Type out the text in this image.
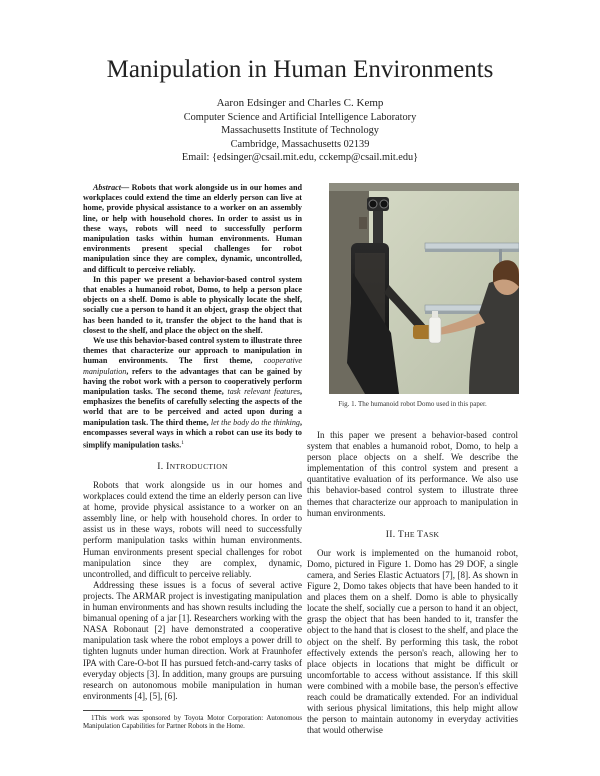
Manipulation in Human Environments
Aaron Edsinger and Charles C. Kemp
Computer Science and Artificial Intelligence Laboratory
Massachusetts Institute of Technology
Cambridge, Massachusetts 02139
Email: {edsinger@csail.mit.edu, cckemp@csail.mit.edu}

Abstract— Robots that work alongside us in our homes and workplaces could extend the time an elderly person can live at home, provide physical assistance to a worker on an assembly line, or help with household chores. In order to assist us in these ways, robots will need to successfully perform manipulation tasks within human environments. Human environments present special challenges for robot manipulation since they are complex, dynamic, uncontrolled, and difficult to perceive reliably.

In this paper we present a behavior-based control system that enables a humanoid robot, Domo, to help a person place objects on a shelf. Domo is able to physically locate the shelf, socially cue a person to hand it an object, grasp the object that has been handed to it, transfer the object to the hand that is closest to the shelf, and place the object on the shelf.

We use this behavior-based control system to illustrate three themes that characterize our approach to manipulation in human environments. The first theme, cooperative manipulation, refers to the advantages that can be gained by having the robot work with a person to cooperatively perform manipulation tasks. The second theme, task relevant features, emphasizes the benefits of carefully selecting the aspects of the world that are to be perceived and acted upon during a manipulation task. The third theme, let the body do the thinking, encompasses several ways in which a robot can use its body to simplify manipulation tasks.$^1$

I. INTRODUCTION

Robots that work alongside us in our homes and workplaces could extend the time an elderly person can live at home, provide physical assistance to a worker on an assembly line, or help with household chores. In order to assist us in these ways, robots will need to successfully perform manipulation tasks within human environments. Human environments present special challenges for robot manipulation since they are complex, dynamic, uncontrolled, and difficult to perceive reliably.

Addressing these issues is a focus of several active projects. The ARMAR project is investigating manipulation in human environments and has shown results including the bimanual opening of a jar [1]. Researchers working with the NASA Robonaut [2] have demonstrated a cooperative manipulation task where the robot employs a power drill to tighten lugnuts under human direction. Work at Fraunhofer IPA with Care-O-bot II has pursued fetch-and-carry tasks of everyday objects [3]. In addition, many groups are pursuing research on autonomous mobile manipulation in human environments [4], [5], [6].

1This work was sponsored by Toyota Motor Corporation: Autonomous Manipulation Capabilities for Partner Robots in the Home.

Fig. 1. The humanoid robot Domo used in this paper.

In this paper we present a behavior-based control system that enables a humanoid robot, Domo, to help a person place objects on a shelf. We describe the implementation of this control system and present a quantitative evaluation of its performance. We also use this behavior-based control system to illustrate three themes that characterize our approach to manipulation in human environments.

II. THE TASK

Our work is implemented on the humanoid robot, Domo, pictured in Figure 1. Domo has 29 DOF, a single camera, and Series Elastic Actuators [7], [8]. As shown in Figure 2, Domo takes objects that have been handed to it and places them on a shelf. Domo is able to physically locate the shelf, socially cue a person to hand it an object, grasp the object that has been handed to it, transfer the object to the hand that is closest to the shelf, and place the object on the shelf. By performing this task, the robot effectively extends the person's reach, allowing her to place objects in locations that might be difficult or uncomfortable to access without assistance. If this skill were combined with a mobile base, the person's effective reach could be dramatically extended. For an individual with serious physical limitations, this help might allow the person to maintain autonomy in everyday activities that would otherwise
